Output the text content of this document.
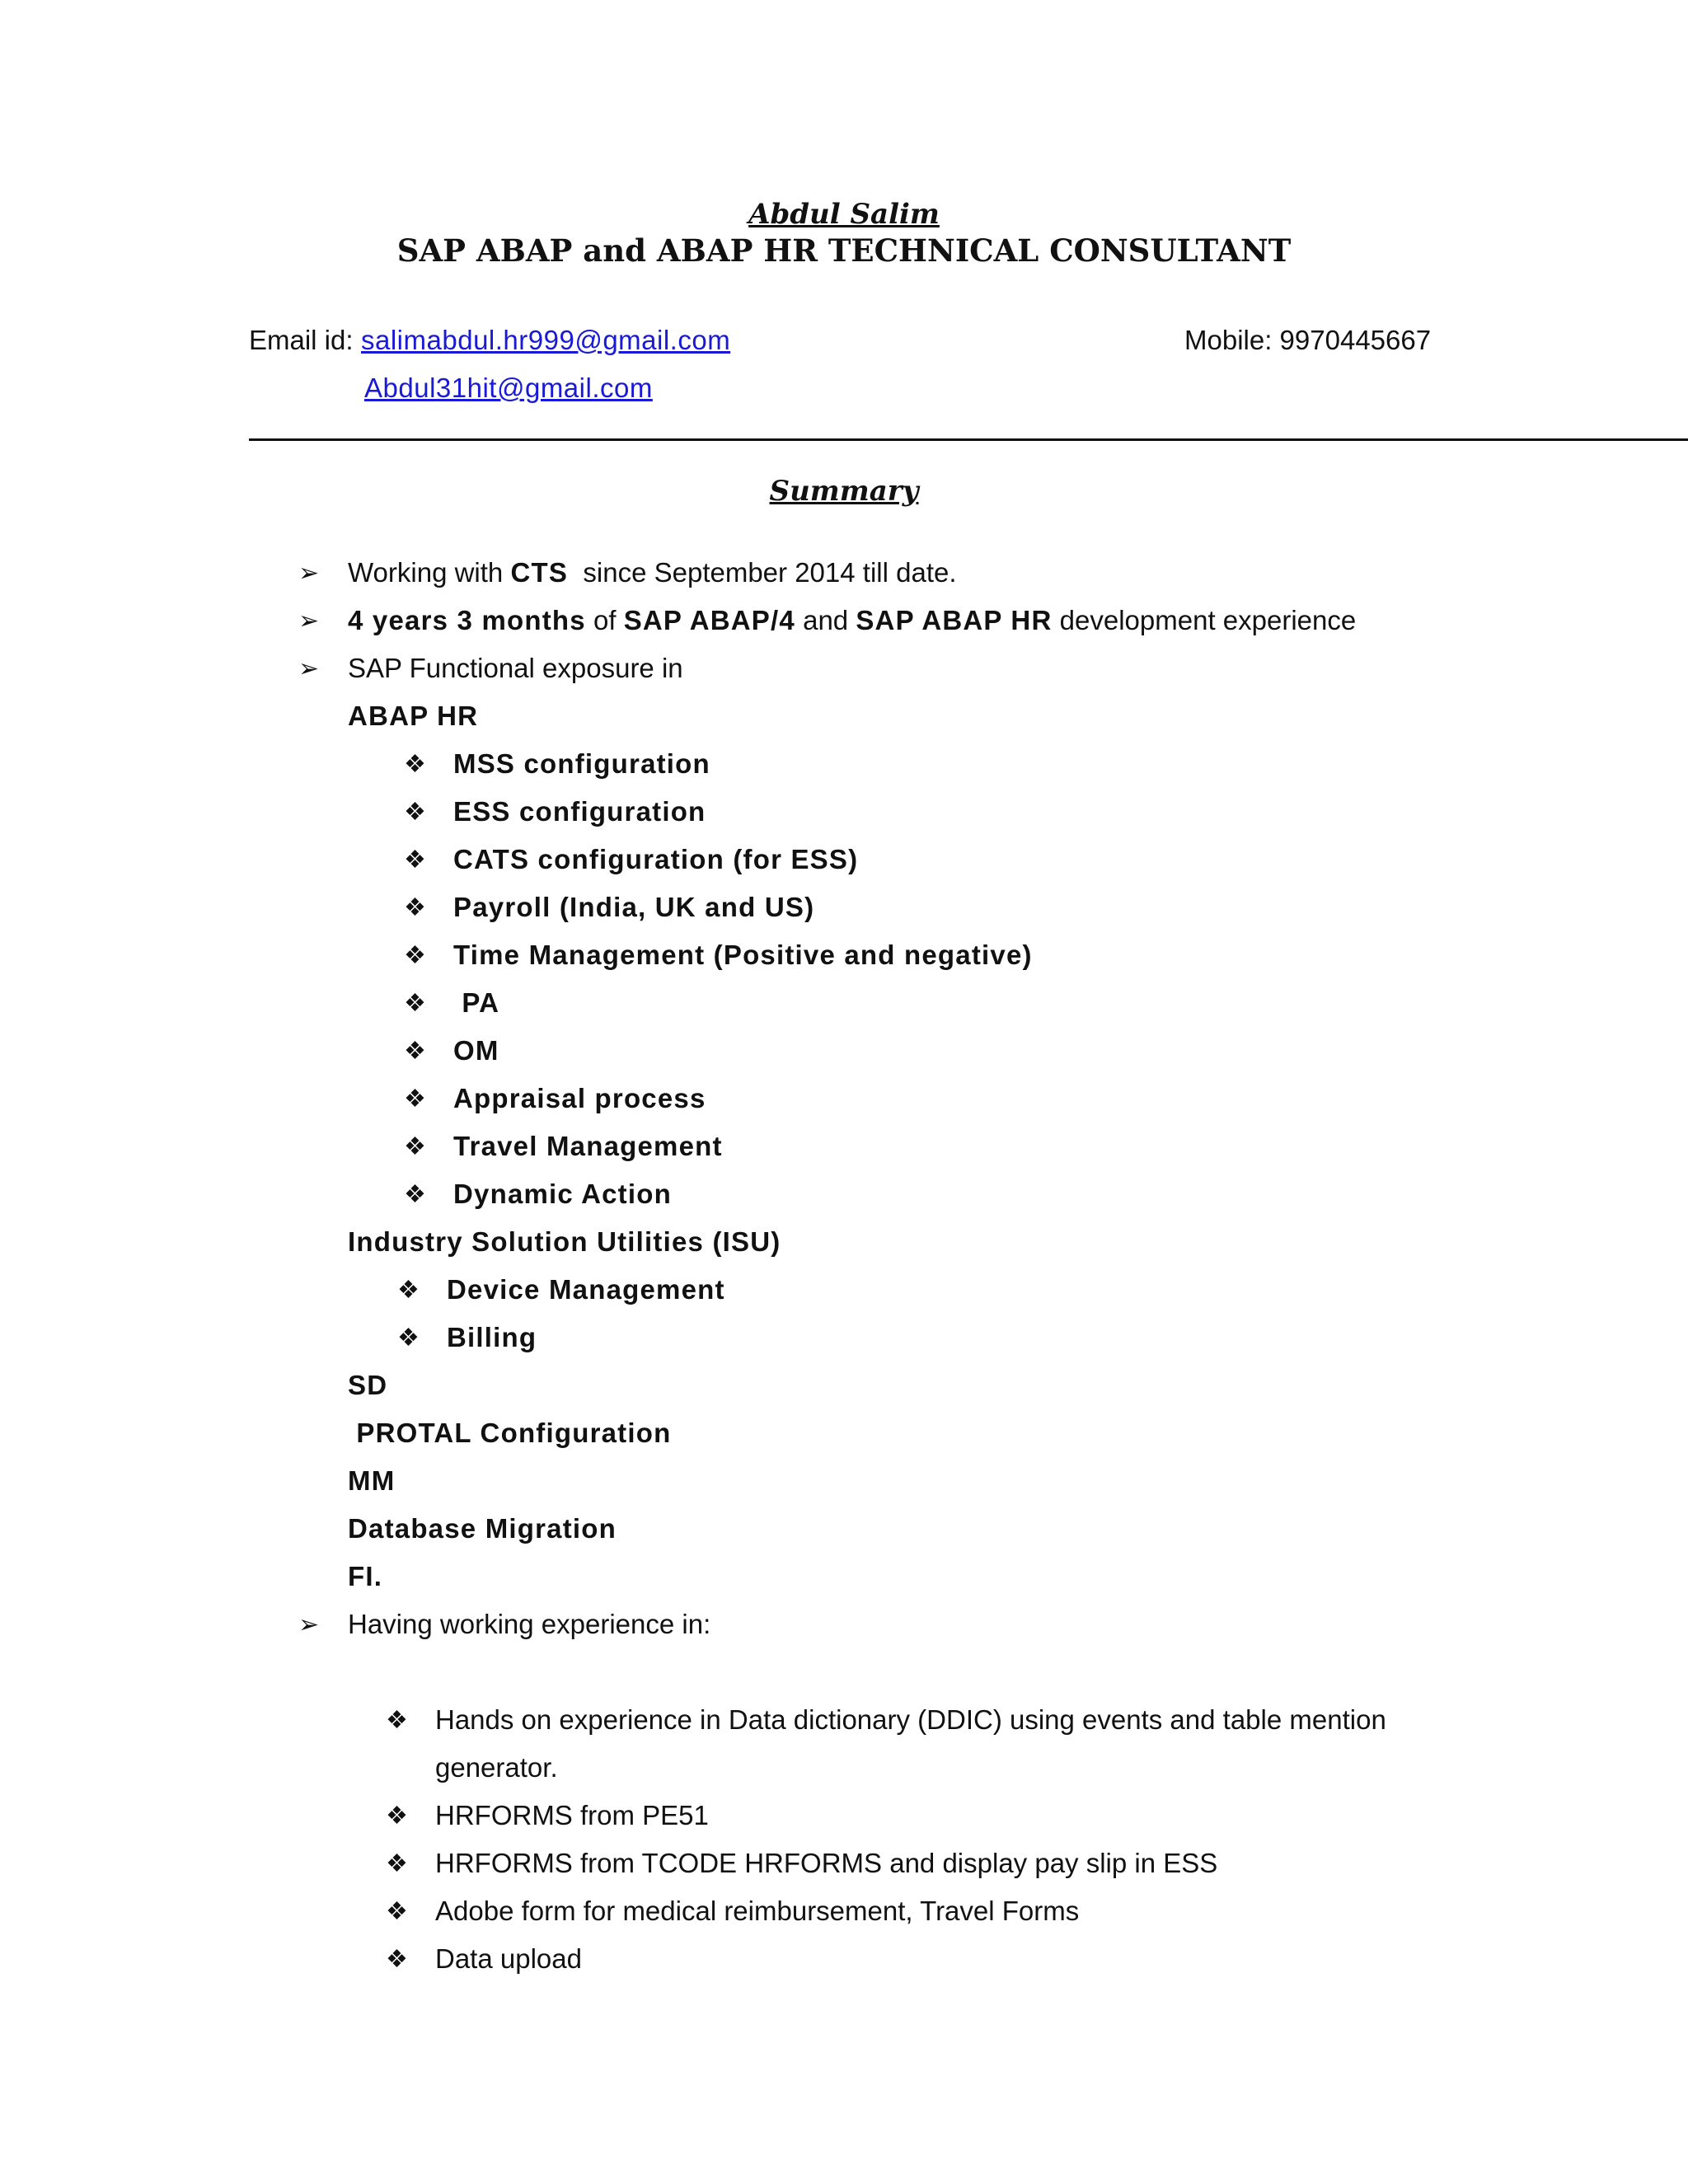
Abdul Salim
SAP ABAP and ABAP HR TECHNICAL CONSULTANT
Email id: salimabdul.hr999@gmail.com
Abdul31hit@gmail.com
Mobile: 9970445667
Summary
➢ Working with CTS  since September 2014 till date.
➢ 4 years 3 months of SAP ABAP/4 and SAP ABAP HR development experience
➢ SAP Functional exposure in
ABAP HR
❖ MSS configuration
❖ ESS configuration
❖ CATS configuration (for ESS)
❖ Payroll (India, UK and US)
❖ Time Management (Positive and negative)
❖ PA
❖ OM
❖ Appraisal process
❖ Travel Management
❖ Dynamic Action
Industry Solution Utilities (ISU)
❖ Device Management
❖ Billing
SD
PROTAL Configuration
MM
Database Migration
FI.
➢ Having working experience in:
❖ Hands on experience in Data dictionary (DDIC) using events and table mention
generator.
❖ HRFORMS from PE51
❖ HRFORMS from TCODE HRFORMS and display pay slip in ESS
❖ Adobe form for medical reimbursement, Travel Forms
❖ Data upload
